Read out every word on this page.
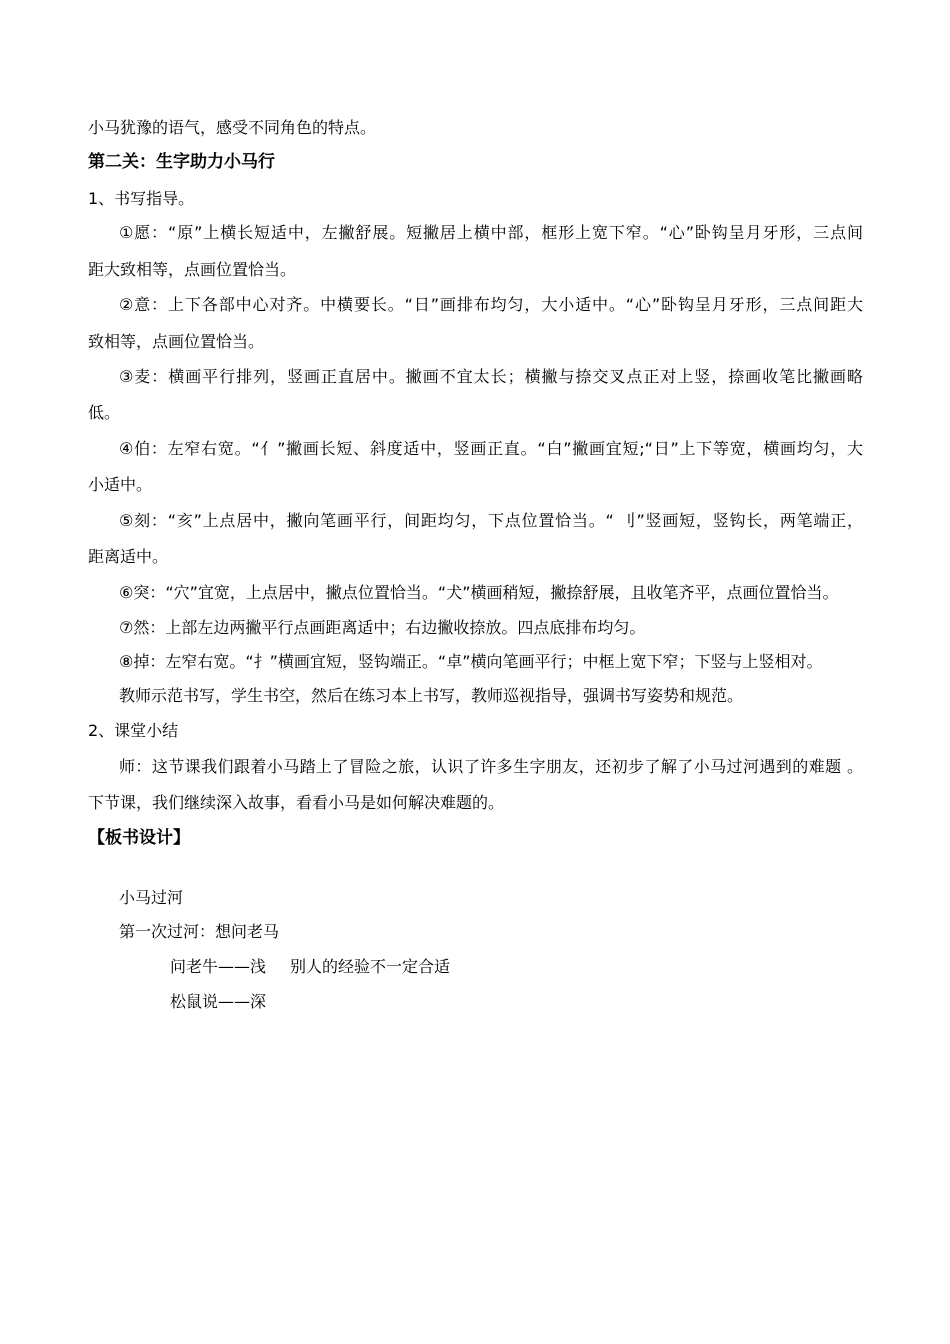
小马犹豫的语气，感受不同角色的特点。
第二关：生字助力小马行
1、书写指导。
①愿：“原”上横长短适中，左撇舒展。短撇居上横中部，框形上宽下窄。“心”卧钩呈月牙形，三点间
距大致相等，点画位置恰当。
②意：上下各部中心对齐。中横要长。“日”画排布均匀，大小适中。“心”卧钩呈月牙形，三点间距大
致相等，点画位置恰当。
③麦：横画平行排列，竖画正直居中。撇画不宜太长；横撇与捺交叉点正对上竖，捺画收笔比撇画略
低。
④伯：左窄右宽。“亻”撇画长短、斜度适中，竖画正直。“白”撇画宜短;“日”上下等宽，横画均匀，大
小适中。
⑤刻：“亥”上点居中，撇向笔画平行，间距均匀，下点位置恰当。“ 刂”竖画短，竖钩长，两笔端正，
距离适中。
⑥突：“穴”宜宽，上点居中，撇点位置恰当。“犬”横画稍短，撇捺舒展，且收笔齐平，点画位置恰当。
⑦然：上部左边两撇平行点画距离适中；右边撇收捺放。四点底排布均匀。
⑧掉：左窄右宽。“扌”横画宜短，竖钩端正。“卓”横向笔画平行；中框上宽下窄；下竖与上竖相对。
教师示范书写，学生书空，然后在练习本上书写，教师巡视指导，强调书写姿势和规范。
2、课堂小结
师：这节课我们跟着小马踏上了冒险之旅，认识了许多生字朋友，还初步了解了小马过河遇到的难题 。
下节课，我们继续深入故事，看看小马是如何解决难题的。
【板书设计】
小马过河
第一次过河：想问老马
问老牛——浅 别人的经验不一定合适
松鼠说——深
